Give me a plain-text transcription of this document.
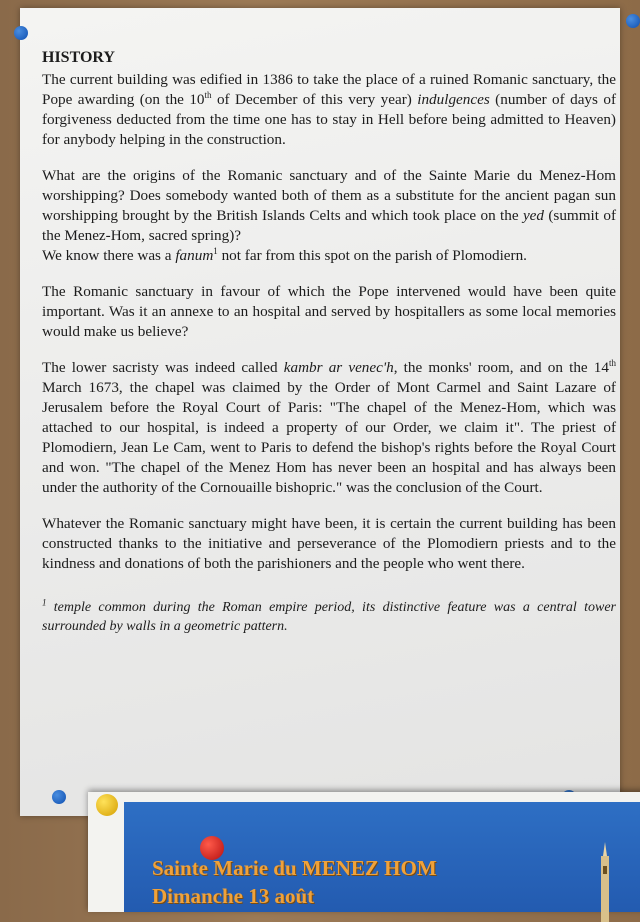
HISTORY

The current building was edified in 1386 to take the place of a ruined Romanic sanctuary, the Pope awarding (on the 10th of December of this very year) indulgences (number of days of forgiveness deducted from the time one has to stay in Hell before being admitted to Heaven) for anybody helping in the construction.

What are the origins of the Romanic sanctuary and of the Sainte Marie du Menez-Hom worshipping? Does somebody wanted both of them as a substitute for the ancient pagan sun worshipping brought by the British Islands Celts and which took place on the yed (summit of the Menez-Hom, sacred spring)?
We know there was a fanum$^1$ not far from this spot on the parish of Plomodiern.

The Romanic sanctuary in favour of which the Pope intervened would have been quite important. Was it an annexe to an hospital and served by hospitallers as some local memories would make us believe?

The lower sacristy was indeed called kambr ar venec'h, the monks' room, and on the 14th March 1673, the chapel was claimed by the Order of Mont Carmel and Saint Lazare of Jerusalem before the Royal Court of Paris: "The chapel of the Menez-Hom, which was attached to our hospital, is indeed a property of our Order, we claim it". The priest of Plomodiern, Jean Le Cam, went to Paris to defend the bishop's rights before the Royal Court and won. "The chapel of the Menez Hom has never been an hospital and has always been under the authority of the Cornouaille bishopric." was the conclusion of the Court.

Whatever the Romanic sanctuary might have been, it is certain the current building has been constructed thanks to the initiative and perseverance of the Plomodiern priests and to the kindness and donations of both the parishioners and the people who went there.

$^1$ temple common during the Roman empire period, its distinctive feature was a central tower surrounded by walls in a geometric pattern.
Sainte Marie du MENEZ HOM
Dimanche 13 août
